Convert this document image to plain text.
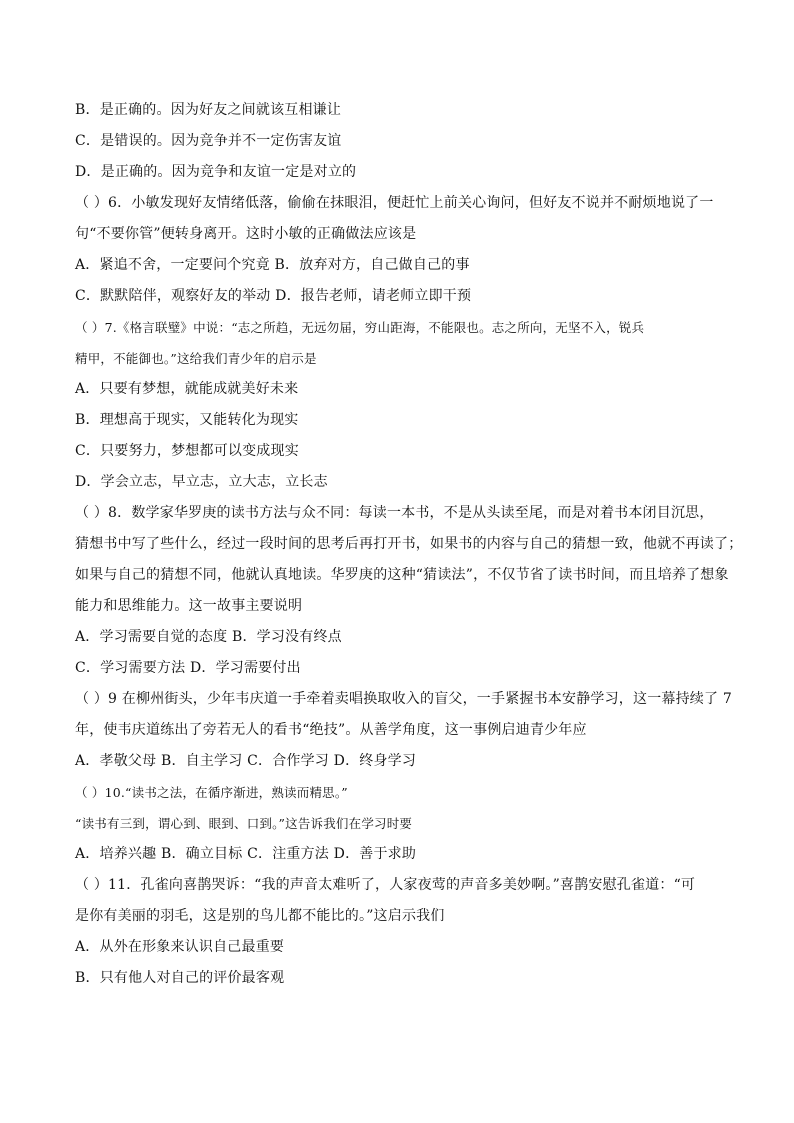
B．是正确的。因为好友之间就该互相谦让
C．是错误的。因为竞争并不一定伤害友谊
D．是正确的。因为竞争和友谊一定是对立的
（ ）6．小敏发现好友情绪低落，偷偷在抹眼泪，便赶忙上前关心询问，但好友不说并不耐烦地说了一
句“不要你管”便转身离开。这时小敏的正确做法应该是
A．紧追不舍，一定要问个究竟 B．放弃对方，自己做自己的事
C．默默陪伴，观察好友的举动 D．报告老师，请老师立即干预
（ ）7.《格言联璧》中说：“志之所趋，无远勿届，穷山距海，不能限也。志之所向，无坚不入，锐兵
精甲，不能御也。”这给我们青少年的启示是
A．只要有梦想，就能成就美好未来
B．理想高于现实，又能转化为现实
C．只要努力，梦想都可以变成现实
D．学会立志，早立志，立大志，立长志
（ ）8．数学家华罗庚的读书方法与众不同：每读一本书，不是从头读至尾，而是对着书本闭目沉思，
猜想书中写了些什么，经过一段时间的思考后再打开书，如果书的内容与自己的猜想一致，他就不再读了；
如果与自己的猜想不同，他就认真地读。华罗庚的这种“猜读法”，不仅节省了读书时间，而且培养了想象
能力和思维能力。这一故事主要说明
A．学习需要自觉的态度 B．学习没有终点
C．学习需要方法 D．学习需要付出
（ ）9 在柳州街头，少年韦庆道一手牵着卖唱换取收入的盲父，一手紧握书本安静学习，这一幕持续了 7
年，使韦庆道练出了旁若无人的看书“绝技”。从善学角度，这一事例启迪青少年应
A．孝敬父母 B．自主学习 C．合作学习 D．终身学习
（ ）10.“读书之法，在循序渐进，熟读而精思。”
“读书有三到，谓心到、眼到、口到。”这告诉我们在学习时要
A．培养兴趣 B．确立目标 C．注重方法 D．善于求助
（ ）11．孔雀向喜鹊哭诉：“我的声音太难听了，人家夜莺的声音多美妙啊。”喜鹊安慰孔雀道：“可
是你有美丽的羽毛，这是别的鸟儿都不能比的。”这启示我们
A．从外在形象来认识自己最重要
B．只有他人对自己的评价最客观
